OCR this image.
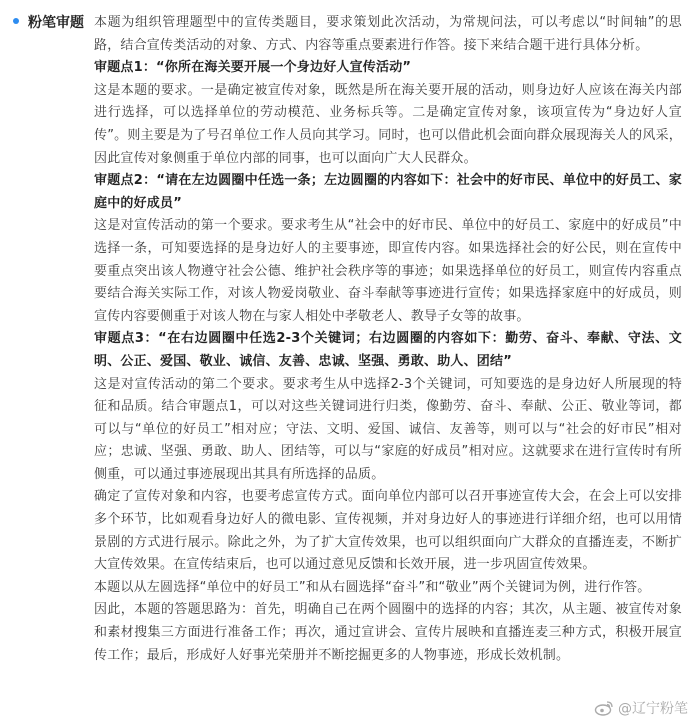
粉笔审题 本题为组织管理题型中的宣传类题目，要求策划此次活动，为常规问法，可以考虑以“时间轴”的思路，结合宣传类活动的对象、方式、内容等重点要素进行作答。接下来结合题干进行具体分析。

审题点1：“你所在海关要开展一个身边好人宣传活动”

这是本题的要求。一是确定被宣传对象，既然是所在海关要开展的活动，则身边好人应该在海关内部进行选择，可以选择单位的劳动模范、业务标兵等。二是确定宣传对象，该项宣传为“身边好人宣传”。则主要是为了号召单位工作人员向其学习。同时，也可以借此机会面向群众展现海关人的风采，因此宣传对象侧重于单位内部的同事，也可以面向广大人民群众。

审题点2：“请在左边圆圈中任选一条；左边圆圈的内容如下：社会中的好市民、单位中的好员工、家庭中的好成员”

这是对宣传活动的第一个要求。要求考生从“社会中的好市民、单位中的好员工、家庭中的好成员”中选择一条，可知要选择的是身边好人的主要事迹，即宣传内容。如果选择社会的好公民，则在宣传中要重点突出该人物遵守社会公德、维护社会秩序等的事迹；如果选择单位的好员工，则宣传内容重点要结合海关实际工作，对该人物爱岗敬业、奋斗奉献等事迹进行宣传；如果选择家庭中的好成员，则宣传内容要侧重于对该人物在与家人相处中孝敬老人、教导子女等的故事。

审题点3：“在右边圆圈中任选2-3个关键词；右边圆圈的内容如下：勤劳、奋斗、奉献、守法、文明、公正、爱国、敬业、诚信、友善、忠诚、坚强、勇敢、助人、团结”

这是对宣传活动的第二个要求。要求考生从中选择2-3个关键词，可知要选的是身边好人所展现的特征和品质。结合审题点1，可以对这些关键词进行归类，像勤劳、奋斗、奉献、公正、敬业等词，都可以与“单位的好员工”相对应；守法、文明、爱国、诚信、友善等，则可以与“社会的好市民”相对应；忠诚、坚强、勇敢、助人、团结等，可以与“家庭的好成员”相对应。这就要求在进行宣传时有所侧重，可以通过事迹展现出其具有所选择的品质。

确定了宣传对象和内容，也要考虑宣传方式。面向单位内部可以召开事迹宣传大会，在会上可以安排多个环节，比如观看身边好人的微电影、宣传视频，并对身边好人的事迹进行详细介绍，也可以用情景剧的方式进行展示。除此之外，为了扩大宣传效果，也可以组织面向广大群众的直播连麦，不断扩大宣传效果。在宣传结束后，也可以通过意见反馈和长效开展，进一步巩固宣传效果。

本题以从左圆选择“单位中的好员工”和从右圆选择“奋斗”和“敬业”两个关键词为例，进行作答。

因此，本题的答题思路为：首先，明确自己在两个圆圈中的选择的内容；其次，从主题、被宣传对象和素材搜集三方面进行准备工作；再次，通过宣讲会、宣传片展映和直播连麦三种方式，积极开展宣传工作；最后，形成好人好事光荣册并不断挖掘更多的人物事迹，形成长效机制。

@辽宁粉笔
